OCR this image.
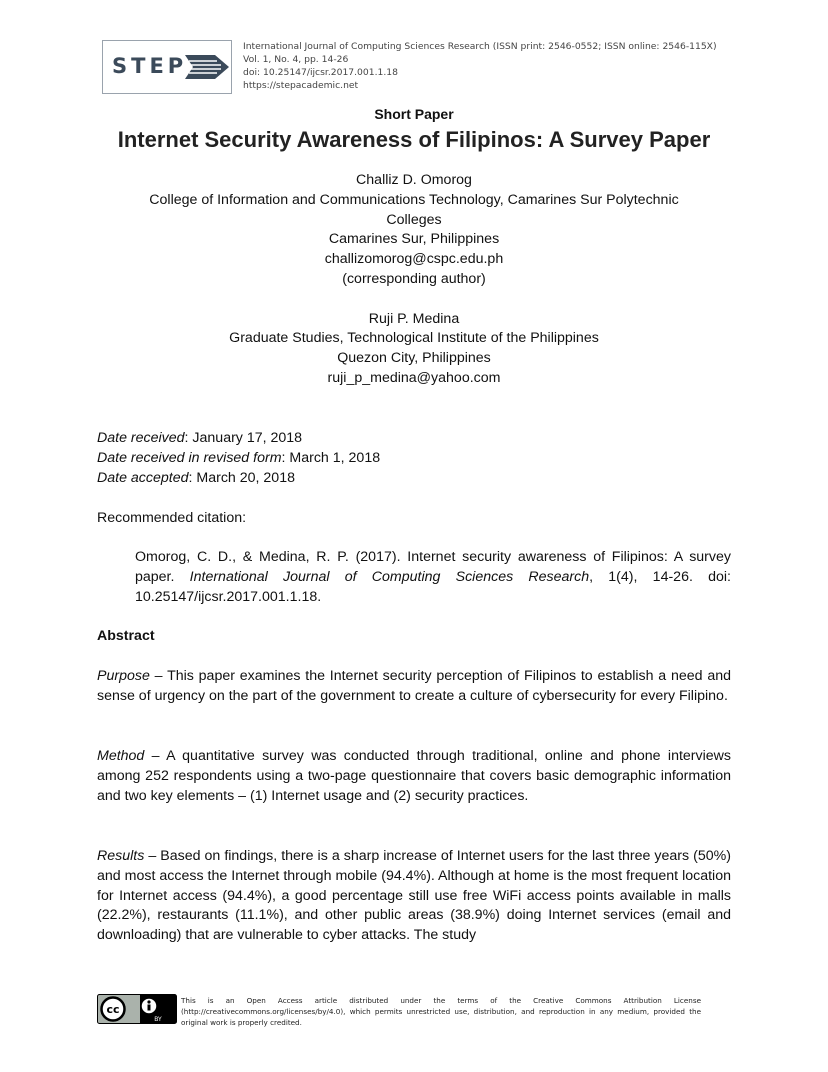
STEP
International Journal of Computing Sciences Research (ISSN print: 2546-0552; ISSN online: 2546-115X)
Vol. 1, No. 4, pp. 14-26
doi: 10.25147/ijcsr.2017.001.1.18
https://stepacademic.net
Short Paper
Internet Security Awareness of Filipinos: A Survey Paper
Challiz D. Omorog
College of Information and Communications Technology, Camarines Sur Polytechnic
Colleges
Camarines Sur, Philippines
challizomorog@cspc.edu.ph
(corresponding author)
Ruji P. Medina
Graduate Studies, Technological Institute of the Philippines
Quezon City, Philippines
ruji_p_medina@yahoo.com
Date received: January 17, 2018
Date received in revised form: March 1, 2018
Date accepted: March 20, 2018
Recommended citation:
Omorog, C. D., & Medina, R. P. (2017). Internet security awareness of Filipinos: A survey paper. International Journal of Computing Sciences Research, 1(4), 14-26. doi: 10.25147/ijcsr.2017.001.1.18.
Abstract
Purpose – This paper examines the Internet security perception of Filipinos to establish a need and sense of urgency on the part of the government to create a culture of cybersecurity for every Filipino.
Method – A quantitative survey was conducted through traditional, online and phone interviews among 252 respondents using a two-page questionnaire that covers basic demographic information and two key elements – (1) Internet usage and (2) security practices.
Results – Based on findings, there is a sharp increase of Internet users for the last three years (50%) and most access the Internet through mobile (94.4%). Although at home is the most frequent location for Internet access (94.4%), a good percentage still use free WiFi access points available in malls (22.2%), restaurants (11.1%), and other public areas (38.9%) doing Internet services (email and downloading) that are vulnerable to cyber attacks. The study
cc
BY
This is an Open Access article distributed under the terms of the Creative Commons Attribution License
(http://creativecommons.org/licenses/by/4.0), which permits unrestricted use, distribution, and reproduction in any medium, provided the
original work is properly credited.
